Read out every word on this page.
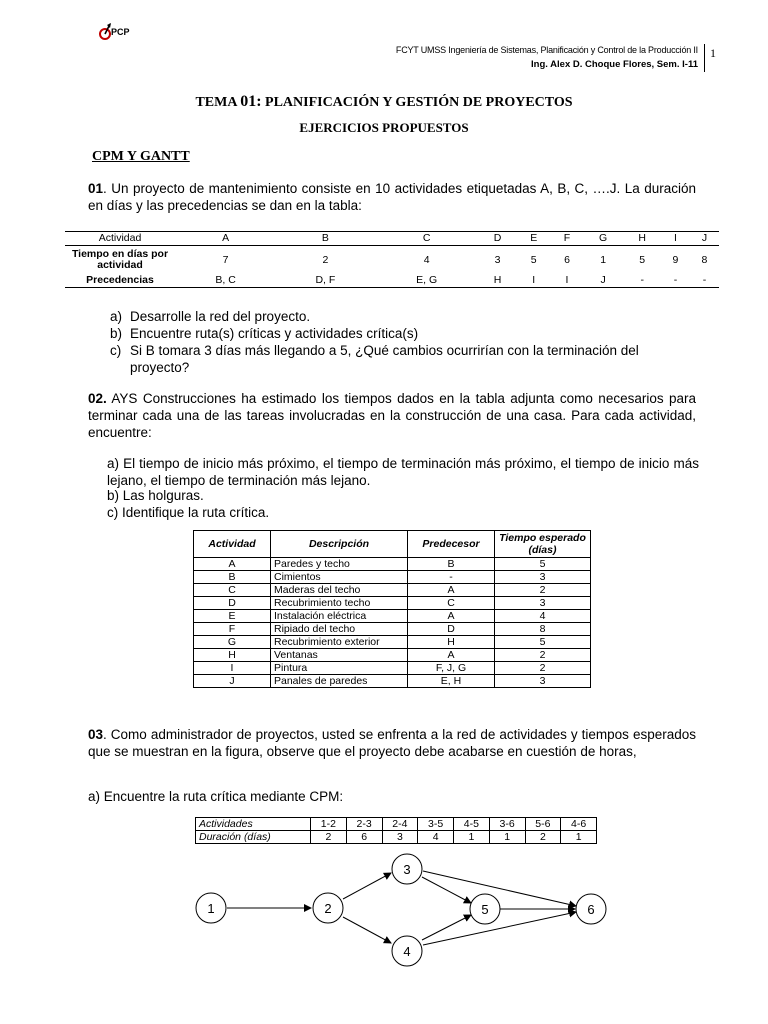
PCP
FCYT UMSS Ingeniería de Sistemas, Planificación y Control de la Producción II
Ing. Alex D. Choque Flores, Sem. I-11
1
TEMA 01: PLANIFICACIÓN Y GESTIÓN DE PROYECTOS
EJERCICIOS PROPUESTOS
CPM Y GANTT
01. Un proyecto de mantenimiento consiste en 10 actividades etiquetadas A, B, C, ….J. La duración en días y las precedencias se dan en la tabla:
Actividad	A	B	C	D	E	F	G	H	I	J
Tiempo en días por actividad	7	2	4	3	5	6	1	5	9	8
Precedencias	B, C	D, F	E, G	H	I	I	J	-	-	-
a) Desarrolle la red del proyecto.
b) Encuentre ruta(s) críticas y actividades crítica(s)
c) Si B tomara 3 días más llegando a 5, ¿Qué cambios ocurrirían con la terminación del proyecto?
02. AYS Construcciones ha estimado los tiempos dados en la tabla adjunta como necesarios para terminar cada una de las tareas involucradas en la construcción de una casa. Para cada actividad, encuentre:
a) El tiempo de inicio más próximo, el tiempo de terminación más próximo, el tiempo de inicio más lejano, el tiempo de terminación más lejano.
b) Las holguras.
c) Identifique la ruta crítica.
Actividad	Descripción	Predecesor	Tiempo esperado (días)
A	Paredes y techo	B	5
B	Cimientos	-	3
C	Maderas del techo	A	2
D	Recubrimiento techo	C	3
E	Instalación eléctrica	A	4
F	Ripiado del techo	D	8
G	Recubrimiento exterior	H	5
H	Ventanas	A	2
I	Pintura	F, J, G	2
J	Panales de paredes	E, H	3
03. Como administrador de proyectos, usted se enfrenta a la red de actividades y tiempos esperados que se muestran en la figura, observe que el proyecto debe acabarse en cuestión de horas,
a) Encuentre la ruta crítica mediante CPM:
Actividades	1-2	2-3	2-4	3-5	4-5	3-6	5-6	4-6
Duración (días)	2	6	3	4	1	1	2	1
1	2
3
4
5	6
